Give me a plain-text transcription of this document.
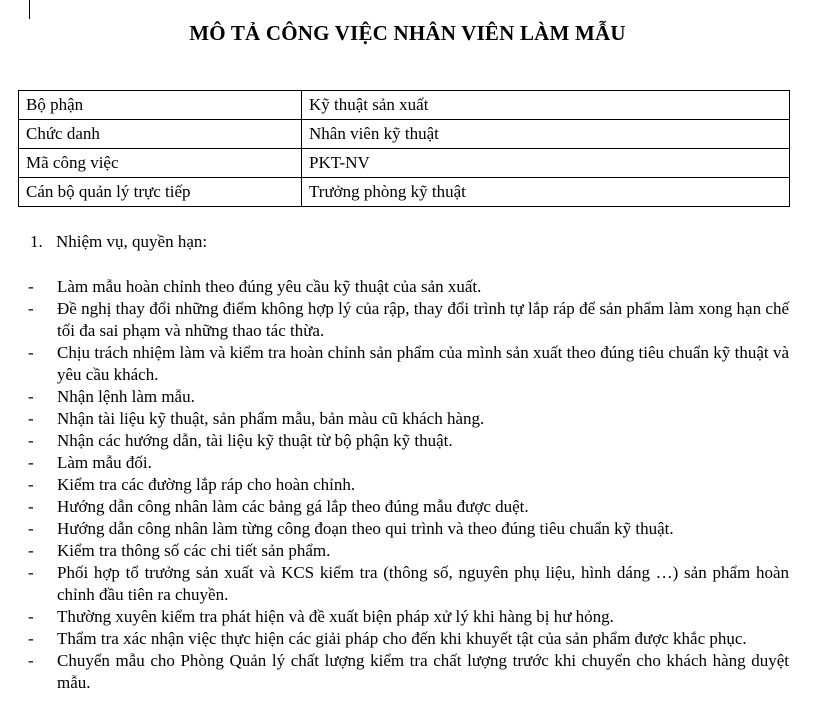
MÔ TẢ CÔNG VIỆC NHÂN VIÊN LÀM MẪU
Bộ phận	Kỹ thuật sản xuất
Chức danh	Nhân viên kỹ thuật
Mã công việc	PKT-NV
Cán bộ quản lý trực tiếp	Trưởng phòng kỹ thuật
1. Nhiệm vụ, quyền hạn:
- Làm mẫu hoàn chỉnh theo đúng yêu cầu kỹ thuật của sản xuất.
- Đề nghị thay đổi những điểm không hợp lý của rập, thay đổi trình tự lắp ráp để sản phẩm làm xong hạn chế tối đa sai phạm và những thao tác thừa.
- Chịu trách nhiệm làm và kiểm tra hoàn chỉnh sản phẩm của mình sản xuất theo đúng tiêu chuẩn kỹ thuật và yêu cầu khách.
- Nhận lệnh làm mẫu.
- Nhận tài liệu kỹ thuật, sản phẩm mẫu, bản màu cũ khách hàng.
- Nhận các hướng dẫn, tài liệu kỹ thuật từ bộ phận kỹ thuật.
- Làm mẫu đối.
- Kiểm tra các đường lắp ráp cho hoàn chỉnh.
- Hướng dẫn công nhân làm các bảng gá lắp theo đúng mẫu được duệt.
- Hướng dẫn công nhân làm từng công đoạn theo qui trình và theo đúng tiêu chuẩn kỹ thuật.
- Kiểm tra thông số các chi tiết sản phẩm.
- Phối hợp tổ trưởng sản xuất và KCS kiểm tra (thông số, nguyên phụ liệu, hình dáng …) sản phẩm hoàn chỉnh đầu tiên ra chuyền.
- Thường xuyên kiểm tra phát hiện và đề xuất biện pháp xử lý khi hàng bị hư hỏng.
- Thẩm tra xác nhận việc thực hiện các giải pháp cho đến khi khuyết tật của sản phẩm được khắc phục.
- Chuyển mẫu cho Phòng Quản lý chất lượng kiểm tra chất lượng trước khi chuyển cho khách hàng duyệt mẫu.
